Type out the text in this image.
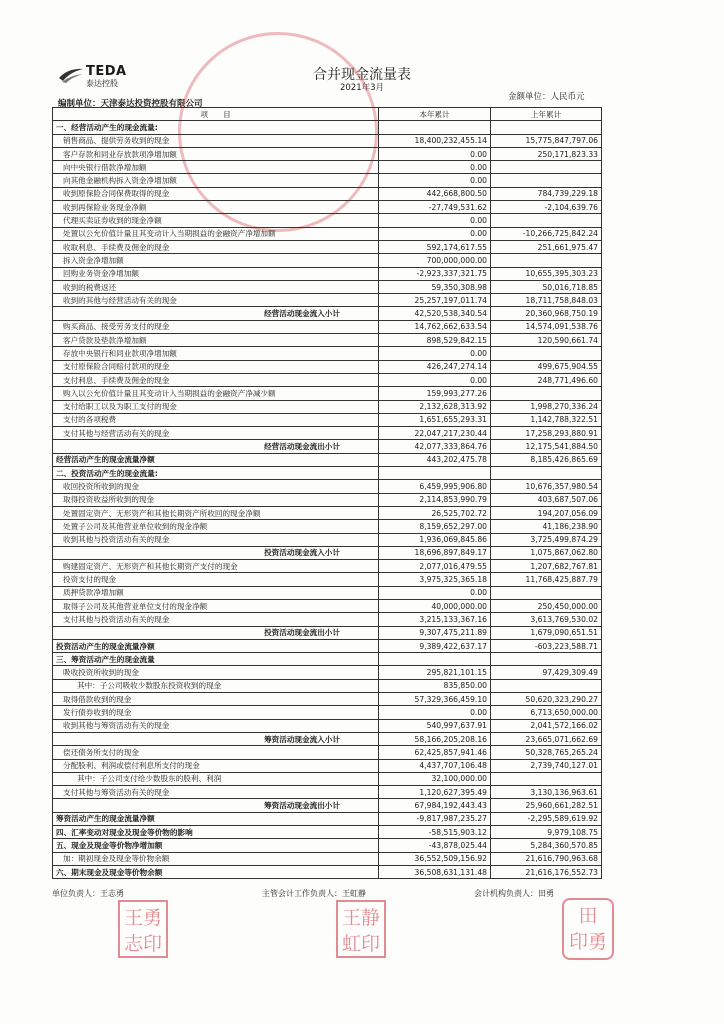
TEDA
泰达控股
合并现金流量表
2021年3月
编制单位：天津泰达投资控股有限公司
金额单位：人民币元
项　　目	本年累计	上年累计
一、经营活动产生的现金流量:		
销售商品、提供劳务收到的现金	18,400,232,455.14	15,775,847,797.06
客户存款和同业存放款项净增加额	0.00	250,171,823.33
向中央银行借款净增加额	0.00	
向其他金融机构拆入资金净增加额	0.00	
收到原保险合同保费取得的现金	442,668,800.50	784,739,229.18
收到再保险业务现金净额	-27,749,531.62	-2,104,639.76
代理买卖证券收到的现金净额	0.00	
处置以公允价值计量且其变动计入当期损益的金融资产净增加额	0.00	-10,266,725,842.24
收取利息、手续费及佣金的现金	592,174,617.55	251,661,975.47
拆入资金净增加额	700,000,000.00	
回购业务资金净增加额	-2,923,337,321.75	10,655,395,303.23
收到的税费返还	59,350,308.98	50,016,718.85
收到的其他与经营活动有关的现金	25,257,197,011.74	18,711,758,848.03
经营活动现金流入小计	42,520,538,340.54	20,360,968,750.19
购买商品、接受劳务支付的现金	14,762,662,633.54	14,574,091,538.76
客户贷款及垫款净增加额	898,529,842.15	120,590,661.74
存放中央银行和同业款项净增加额	0.00	
支付原保险合同赔付款项的现金	426,247,274.14	499,675,904.55
支付利息、手续费及佣金的现金	0.00	248,771,496.60
购入以公允价值计量且其变动计入当期损益的金融资产净减少额	159,993,277.26	
支付给职工以及为职工支付的现金	2,132,628,313.92	1,998,270,336.24
支付的各项税费	1,651,655,293.31	1,142,788,322.51
支付其他与经营活动有关的现金	22,047,217,230.44	17,258,293,880.91
经营活动现金流出小计	42,077,333,864.76	12,175,541,884.50
经营活动产生的现金流量净额	443,202,475.78	8,185,426,865.69
二、投资活动产生的现金流量:		
收回投资所收到的现金	6,459,995,906.80	10,676,357,980.54
取得投资收益所收到的现金	2,114,853,990.79	403,687,507.06
处置固定资产、无形资产和其他长期资产所收回的现金净额	26,525,702.72	194,207,056.09
处置子公司及其他营业单位收到的现金净额	8,159,652,297.00	41,186,238.90
收到其他与投资活动有关的现金	1,936,069,845.86	3,725,499,874.29
投资活动现金流入小计	18,696,897,849.17	1,075,867,062.80
购建固定资产、无形资产和其他长期资产支付的现金	2,077,016,479.55	1,207,682,767.81
投资支付的现金	3,975,325,365.18	11,768,425,887.79
质押贷款净增加额	0.00	
取得子公司及其他营业单位支付的现金净额	40,000,000.00	250,450,000.00
支付其他与投资活动有关的现金	3,215,133,367.16	3,613,769,530.02
投资活动现金流出小计	9,307,475,211.89	1,679,090,651.51
投资活动产生的现金流量净额	9,389,422,637.17	-603,223,588.71
三、筹资活动产生的现金流量		
吸收投资所收到的现金	295,821,101.15	97,429,309.49
其中：子公司吸收少数股东投资收到的现金	835,850.00	
取得借款收到的现金	57,329,366,459.10	50,620,323,290.27
发行债券收到的现金	0.00	6,713,650,000.00
收到其他与筹资活动有关的现金	540,997,637.91	2,041,572,166.02
筹资活动现金流入小计	58,166,205,208.16	23,665,071,662.69
偿还债务所支付的现金	62,425,857,941.46	50,328,765,265.24
分配股利、利润或偿付利息所支付的现金	4,437,707,106.48	2,739,740,127.01
其中：子公司支付给少数股东的股利、利润	32,100,000.00	
支付其他与筹资活动有关的现金	1,120,627,395.49	3,130,136,963.61
筹资活动现金流出小计	67,984,192,443.43	25,960,661,282.51
筹资活动产生的现金流量净额	-9,817,987,235.27	-2,295,589,619.92
四、汇率变动对现金及现金等价物的影响	-58,515,903.12	9,979,108.75
五、现金及现金等价物净增加额	-43,878,025.44	5,284,360,570.85
加：期初现金及现金等价物余额	36,552,509,156.92	21,616,790,963.68
六、期末现金及现金等价物余额	36,508,631,131.48	21,616,176,552.73
单位负责人：王志勇	主管会计工作负责人：王虹静	会计机构负责人：田勇
王勇
志印
王静
虹印
田
印勇
